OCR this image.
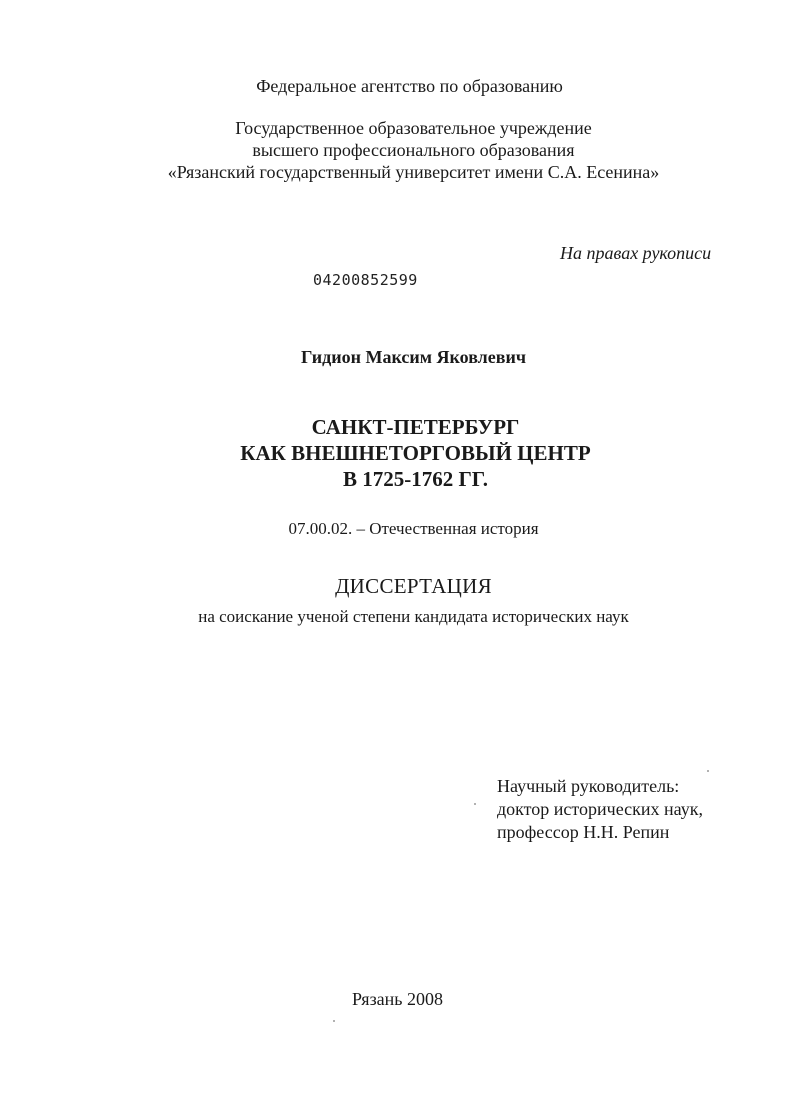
Федеральное агентство по образованию
Государственное образовательное учреждение
высшего профессионального образования
«Рязанский государственный университет имени С.А. Есенина»
На правах рукописи
04200852599
Гидион Максим Яковлевич
САНКТ-ПЕТЕРБУРГ
КАК ВНЕШНЕТОРГОВЫЙ ЦЕНТР
В 1725-1762 ГГ.
07.00.02. – Отечественная история
ДИССЕРТАЦИЯ
на соискание ученой степени кандидата исторических наук
Научный руководитель:
доктор исторических наук,
профессор Н.Н. Репин
Рязань 2008
